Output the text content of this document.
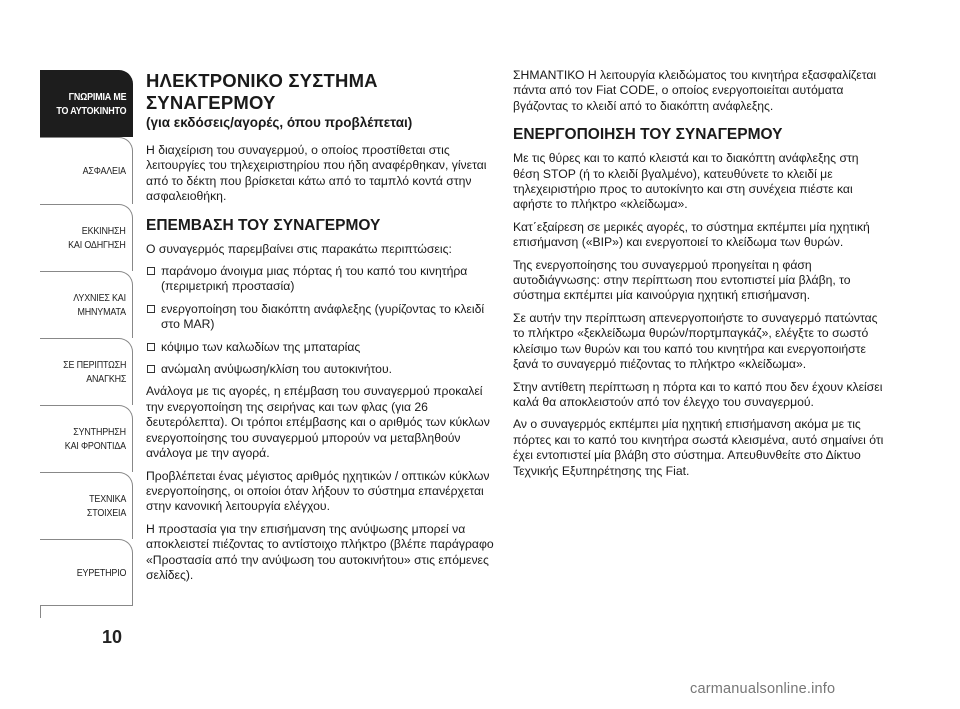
ΓΝΩΡΙΜΙΑ ΜΕ
ΤΟ ΑΥΤΟΚΙΝΗΤΟ
ΑΣΦΑΛΕΙΑ
ΕΚΚΙΝΗΣΗ
ΚΑΙ ΟΔΗΓΗΣΗ
ΛΥΧΝΙΕΣ ΚΑΙ
ΜΗΝΥΜΑΤΑ
ΣΕ ΠΕΡΙΠΤΩΣΗ
ΑΝΑΓΚΗΣ
ΣΥΝΤΗΡΗΣΗ
ΚΑΙ ΦΡΟΝΤΙΔΑ
ΤΕΧΝΙΚΑ
ΣΤΟΙΧΕΙΑ
ΕΥΡΕΤΗΡΙΟ
10
ΗΛΕΚΤΡΟΝΙΚΟ ΣΥΣΤΗΜΑ ΣΥΝΑΓΕΡΜΟΥ
(για εκδόσεις/αγορές, όπου προβλέπεται)

Η διαχείριση του συναγερμού, ο οποίος προστίθεται στις λειτουργίες του τηλεχειριστηρίου που ήδη αναφέρθηκαν, γίνεται από το δέκτη που βρίσκεται κάτω από το ταμπλό κοντά στην ασφαλειοθήκη.

ΕΠΕΜΒΑΣΗ ΤΟΥ ΣΥΝΑΓΕΡΜΟΥ

Ο συναγερμός παρεμβαίνει στις παρακάτω περιπτώσεις:

παράνομο άνοιγμα μιας πόρτας ή του καπό του κινητήρα (περιμετρική προστασία)
ενεργοποίηση του διακόπτη ανάφλεξης (γυρίζοντας το κλειδί στο MAR)
κόψιμο των καλωδίων της μπαταρίας
ανώμαλη ανύψωση/κλίση του αυτοκινήτου.

Ανάλογα με τις αγορές, η επέμβαση του συναγερμού προκαλεί την ενεργοποίηση της σειρήνας και των φλας (για 26 δευτερόλεπτα). Οι τρόποι επέμβασης και ο αριθμός των κύκλων ενεργοποίησης του συναγερμού μπορούν να μεταβληθούν ανάλογα με την αγορά.

Προβλέπεται ένας μέγιστος αριθμός ηχητικών / οπτικών κύκλων ενεργοποίησης, οι οποίοι όταν λήξουν το σύστημα επανέρχεται στην κανονική λειτουργία ελέγχου.

Η προστασία για την επισήμανση της ανύψωσης μπορεί να αποκλειστεί πιέζοντας το αντίστοιχο πλήκτρο (βλέπε παράγραφο «Προστασία από την ανύψωση του αυτοκινήτου» στις επόμενες σελίδες).

ΣΗΜΑΝΤΙΚΟ Η λειτουργία κλειδώματος του κινητήρα εξασφαλίζεται πάντα από τον Fiat CODE, ο οποίος ενεργοποιείται αυτόματα βγάζοντας το κλειδί από το διακόπτη ανάφλεξης.

ΕΝΕΡΓΟΠΟΙΗΣΗ ΤΟΥ ΣΥΝΑΓΕΡΜΟΥ

Με τις θύρες και το καπό κλειστά και το διακόπτη ανάφλεξης στη θέση STOP (ή το κλειδί βγαλμένο), κατευθύνετε το κλειδί με τηλεχειριστήριο προς το αυτοκίνητο και στη συνέχεια πιέστε και αφήστε το πλήκτρο «κλείδωμα».

Κατ΄εξαίρεση σε μερικές αγορές, το σύστημα εκπέμπει μία ηχητική επισήμανση («BIP») και ενεργοποιεί το κλείδωμα των θυρών.

Της ενεργοποίησης του συναγερμού προηγείται η φάση αυτοδιάγνωσης: στην περίπτωση που εντοπιστεί μία βλάβη, το σύστημα εκπέμπει μία καινούργια ηχητική επισήμανση.

Σε αυτήν την περίπτωση απενεργοποιήστε το συναγερμό πατώντας το πλήκτρο «ξεκλείδωμα θυρών/πορτμπαγκάζ», ελέγξτε το σωστό κλείσιμο των θυρών και του καπό του κινητήρα και ενεργοποιήστε ξανά το συναγερμό πιέζοντας το πλήκτρο «κλείδωμα».

Στην αντίθετη περίπτωση η πόρτα και το καπό που δεν έχουν κλείσει καλά θα αποκλειστούν από τον έλεγχο του συναγερμού.

Αν ο συναγερμός εκπέμπει μία ηχητική επισήμανση ακόμα με τις πόρτες και το καπό του κινητήρα σωστά κλεισμένα, αυτό σημαίνει ότι έχει εντοπιστεί μία βλάβη στο σύστημα. Απευθυνθείτε στο Δίκτυο Τεχνικής Εξυπηρέτησης της Fiat.

carmanualsonline.info
